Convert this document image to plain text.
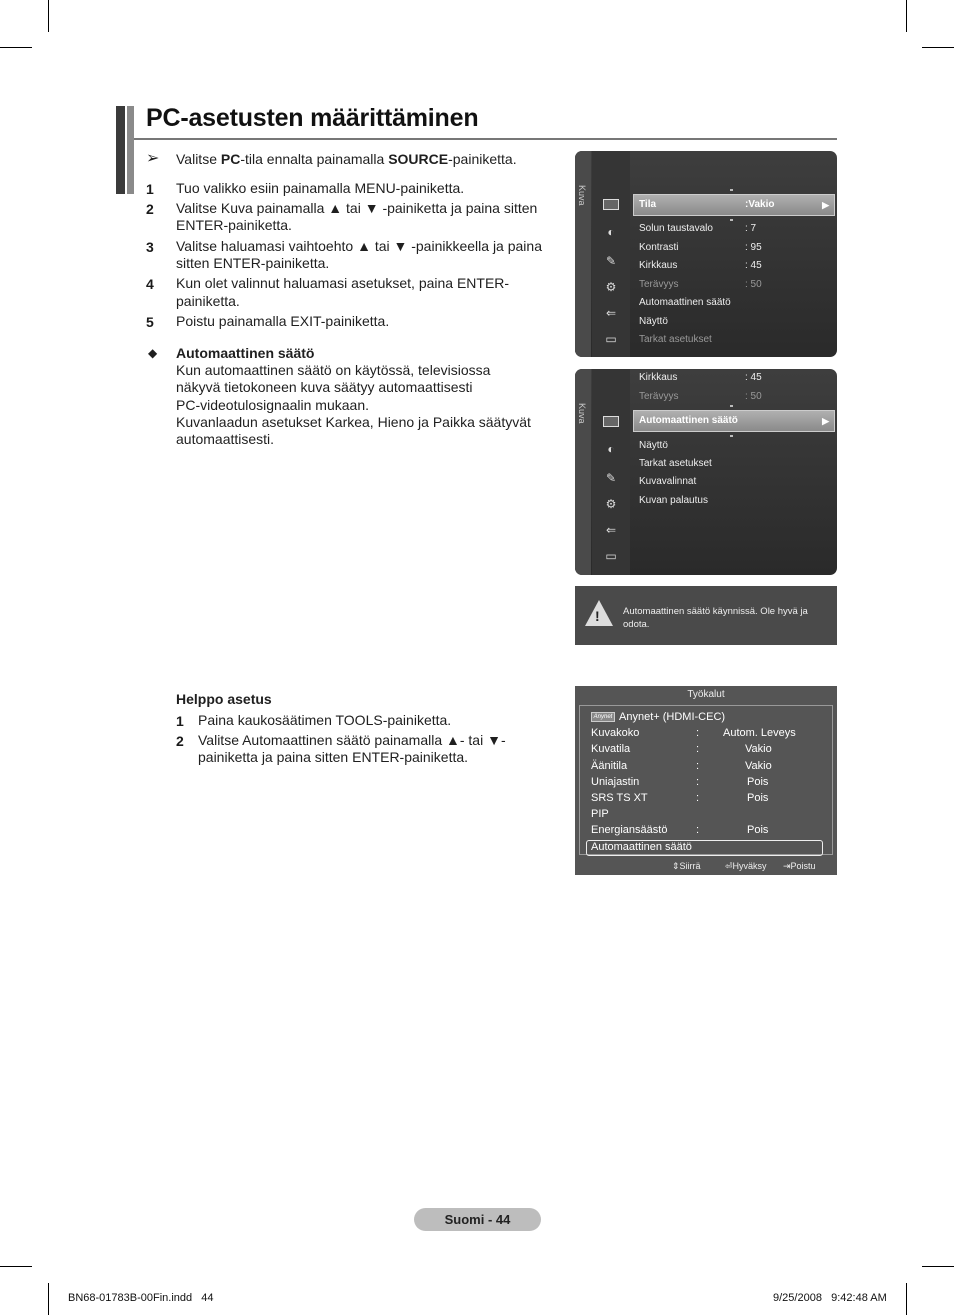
PC-asetusten määrittäminen
➢ Valitse PC-tila ennalta painamalla SOURCE-painiketta.
1 Tuo valikko esiin painamalla MENU-painiketta.
2 Valitse Kuva painamalla ▲ tai ▼ -painiketta ja paina sitten
ENTER-painiketta.
3 Valitse haluamasi vaihtoehto ▲ tai ▼ -painikkeella ja paina
sitten ENTER-painiketta.
4 Kun olet valinnut haluamasi asetukset, paina ENTER-
painiketta.
5 Poistu painamalla EXIT-painiketta.
◆ Automaattinen säätö
Kun automaattinen säätö on käytössä, televisiossa
näkyvä tietokoneen kuva säätyy automaattisesti
PC-videotulosignaalin mukaan.
Kuvanlaadun asetukset Karkea, Hieno ja Paikka säätyvät
automaattisesti.
Helppo asetus
1 Paina kaukosäätimen TOOLS-painiketta.
2 Valitse Automaattinen säätö painamalla ▲- tai ▼-
painiketta ja paina sitten ENTER-painiketta.
Kuva
◐
✎
⚙
⇐
▭
Tila	:Vakio	▶
Solun taustavalo	: 7
Kontrasti	: 95
Kirkkaus	: 45
Terävyys	: 50
Automaattinen säätö
Näyttö
Tarkat asetukset
Kuva
◐
✎
⚙
⇐
▭
Kirkkaus	: 45
Terävyys	: 50
Automaattinen säätö	▶
Näyttö
Tarkat asetukset
Kuvavalinnat
Kuvan palautus
! Automaattinen säätö käynnissä. Ole hyvä ja odota.
Työkalut
Anynet Anynet+ (HDMI-CEC)
Kuvakoko	: Autom. Leveys
Kuvatila	:	Vakio
Äänitila	:	Vakio
Uniajastin	:	Pois
SRS TS XT	:	Pois
PIP
Energiansäästö	:	Pois
Automaattinen säätö
⇕Siirrä	⏎Hyväksy ⇥Poistu
Suomi - 44
BN68-01783B-00Fin.indd   44	9/25/2008   9:42:48 AM
